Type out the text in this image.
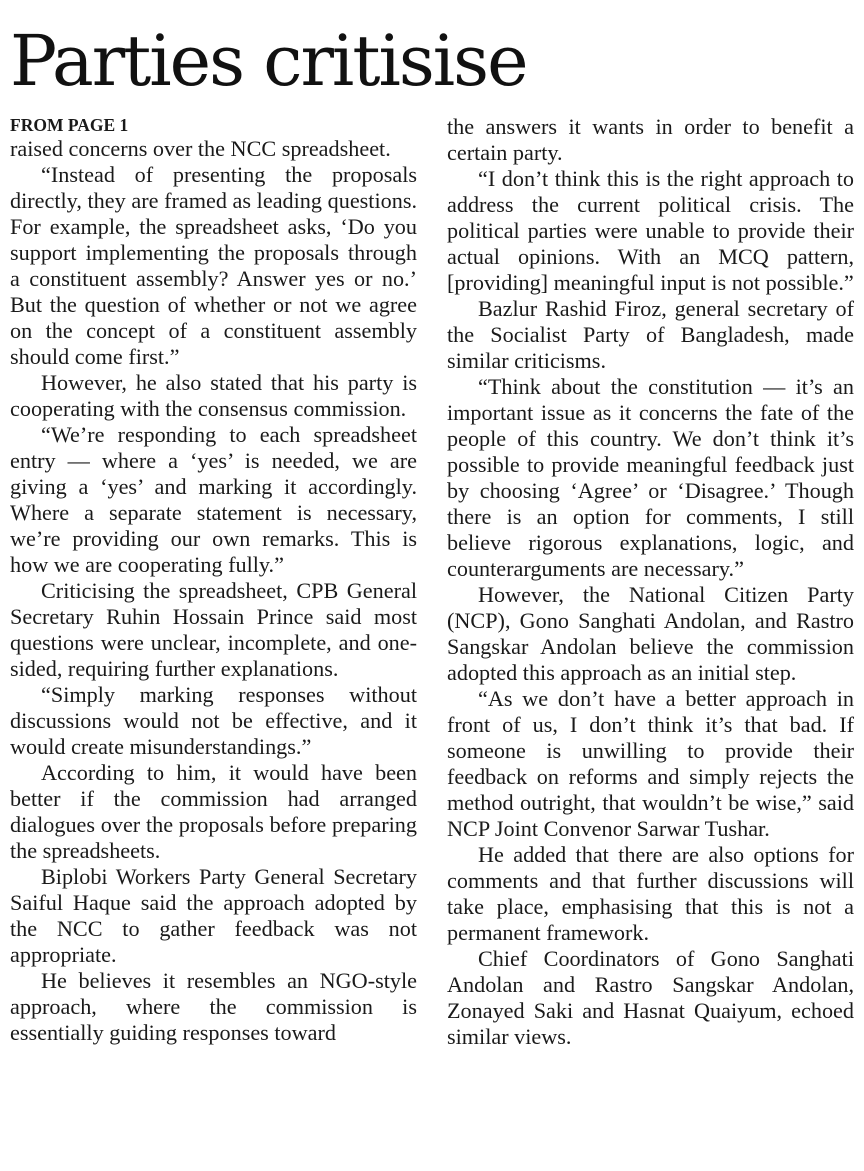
Parties critisise
FROM PAGE 1

raised concerns over the NCC spreadsheet.

“Instead of presenting the proposals directly, they are framed as leading questions. For example, the spreadsheet asks, ‘Do you support implementing the proposals through a constituent assembly? Answer yes or no.’ But the question of whether or not we agree on the concept of a constituent assembly should come first.”

However, he also stated that his party is cooperating with the consensus commission.

“We’re responding to each spreadsheet entry — where a ‘yes’ is needed, we are giving a ‘yes’ and marking it accordingly. Where a separate statement is necessary, we’re providing our own remarks. This is how we are cooperating fully.”

Criticising the spreadsheet, CPB General Secretary Ruhin Hossain Prince said most questions were unclear, incomplete, and one-sided, requiring further explanations.

“Simply marking responses without discussions would not be effective, and it would create misunderstandings.”

According to him, it would have been better if the commission had arranged dialogues over the proposals before preparing the spreadsheets.

Biplobi Workers Party General Secretary Saiful Haque said the approach adopted by the NCC to gather feedback was not appropriate.

He believes it resembles an NGO-style approach, where the commission is essentially guiding responses toward

the answers it wants in order to benefit a certain party.

“I don’t think this is the right approach to address the current political crisis. The political parties were unable to provide their actual opinions. With an MCQ pattern, [providing] meaningful input is not possible.”

Bazlur Rashid Firoz, general secretary of the Socialist Party of Bangladesh, made similar criticisms.

“Think about the constitution — it’s an important issue as it concerns the fate of the people of this country. We don’t think it’s possible to provide meaningful feedback just by choosing ‘Agree’ or ‘Disagree.’ Though there is an option for comments, I still believe rigorous explanations, logic, and counterarguments are necessary.”

However, the National Citizen Party (NCP), Gono Sanghati Andolan, and Rastro Sangskar Andolan believe the commission adopted this approach as an initial step.

“As we don’t have a better approach in front of us, I don’t think it’s that bad. If someone is unwilling to provide their feedback on reforms and simply rejects the method outright, that wouldn’t be wise,” said NCP Joint Convenor Sarwar Tushar.

He added that there are also options for comments and that further discussions will take place, emphasising that this is not a permanent framework.

Chief Coordinators of Gono Sanghati Andolan and Rastro Sangskar Andolan, Zonayed Saki and Hasnat Quaiyum, echoed similar views.
